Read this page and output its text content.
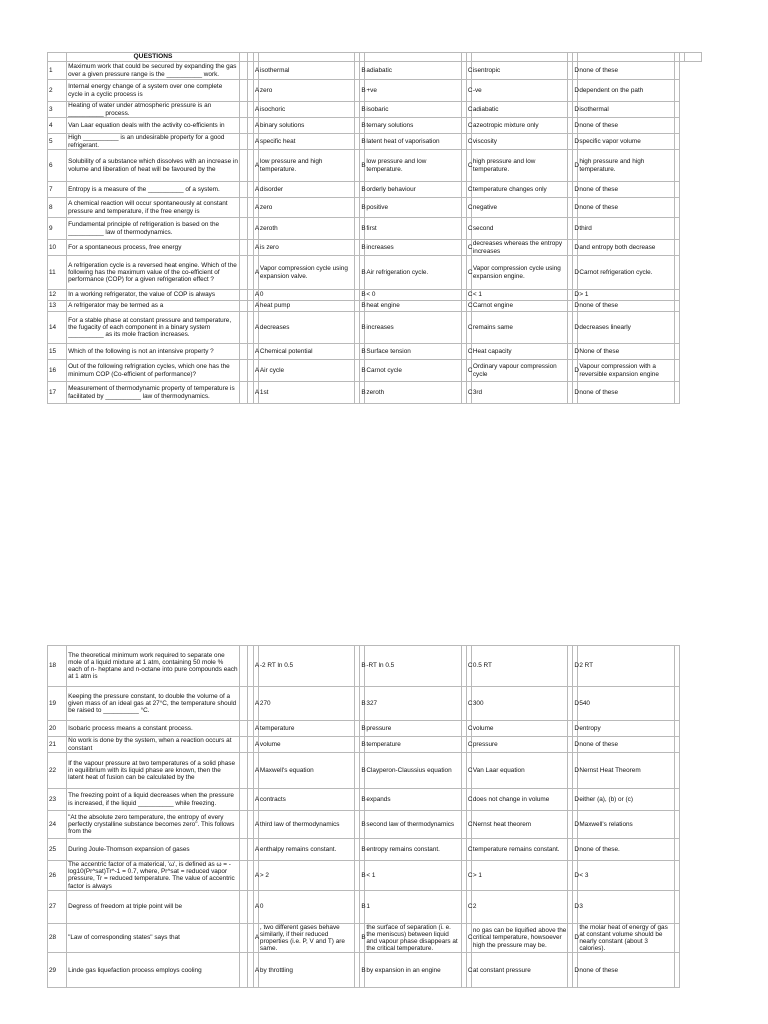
	QUESTIONS																
1	Maximum work that could be secured by expanding the gas over a given pressure range is the __________ work.			A	isothermal		B	adiabatic		C	isentropic		D	none of these			
2	Internal energy change of a system over one complete cycle in a cyclic process is			A	zero		B	+ve		C	-ve		D	dependent on the path			
3	Heating of water under atmospheric pressure is an __________ process.			A	isochoric		B	isobaric		C	adiabatic		D	isothermal			
4	Van Laar equation deals with the activity co-efficients in			A	binary solutions		B	ternary solutions		C	azeotropic mixture only		D	none of these			
5	High __________ is an undesirable property for a good refrigerant.			A	specific heat		B	latent heat of vaporisation		C	viscosity		D	specific vapor volume			
6	Solubility of a substance which dissolves with an increase in volume and liberation of heat will be favoured by the			A	low pressure and high temperature.		B	low pressure and low temperature.		C	high pressure and low temperature.		D	high pressure and high temperature.			
7	Entropy is a measure of the __________ of a system.			A	disorder		B	orderly behaviour		C	temperature changes only		D	none of these			
8	A chemical reaction will occur spontaneously at constant pressure and temperature, if the free energy is			A	zero		B	positive		C	negative		D	none of these			
9	Fundamental principle of refrigeration is based on the __________ law of thermodynamics.			A	zeroth		B	first		C	second		D	third			
10	For a spontaneous process, free energy			A	is zero		B	increases		C	decreases whereas the entropy increases		D	and entropy both decrease			
11	A refrigeration cycle is a reversed heat engine. Which of the following has the maximum value of the co-efficient of performance (COP) for a given refrigeration effect ?			A	Vapor compression cycle using expansion valve.		B	Air refrigeration cycle.		C	Vapor compression cycle using expansion engine.		D	Carnot refrigeration cycle.			
12	In a working refrigerator, the value of COP is always			A	0		B	< 0		C	< 1		D	> 1			
13	A refrigerator may be termed as a			A	heat pump		B	heat engine		C	Carnot engine		D	none of these			
14	For a stable phase at constant pressure and temperature, the fugacity of each component in a binary system __________ as its mole fraction increases.			A	decreases		B	increases		C	remains same		D	decreases linearly			
15	Which of the following is not an intensive property ?			A	Chemical potential		B	Surface tension		C	Heat capacity		D	None of these			
16	Out of the following refrigration cycles, which one has the minimum COP (Co-efficient of performance)?			A	Air cycle		B	Carnot cycle		C	Ordinary vapour compression cycle		D	Vapour compression with a reversible expansion engine			
17	Measurement of thermodynamic property of temperature is facilitated by __________ law of thermodynamics.			A	1st		B	zeroth		C	3rd		D	none of these			
18	The theoretical minimum work required to separate one mole of a liquid mixture at 1 atm, containing 50 mole % each of n- heptane and n-octane into pure compounds each at 1 atm is			A	-2 RT ln 0.5		B	-RT ln 0.5		C	0.5 RT		D	2 RT	
19	Keeping the pressure constant, to double the volume of a given mass of an ideal gas at 27°C, the temperature should be raised to __________ °C.			A	270		B	327		C	300		D	540	
20	Isobaric process means a constant process.			A	temperature		B	pressure		C	volume		D	entropy	
21	No work is done by the system, when a reaction occurs at constant			A	volume		B	temperature		C	pressure		D	none of these	
22	If the vapour pressure at two temperatures of a solid phase in equilibrium with its liquid phase are known, then the latent heat of fusion can be calculated by the			A	Maxwell's equation		B	Clayperon-Claussius equation		C	Van Laar equation		D	Nernst Heat Theorem	
23	The freezing point of a liquid decreases when the pressure is increased, if the liquid __________ while freezing.			A	contracts		B	expands		C	does not change in volume		D	either (a), (b) or (c)	
24	"At the absolute zero temperature, the entropy of every perfectly crystalline substance becomes zero". This follows from the			A	third law of thermodynamics		B	second law of thermodynamics		C	Nernst heat theorem		D	Maxwell's relations	
25	During Joule-Thomson expansion of gases			A	enthalpy remains constant.		B	entropy remains constant.		C	temperature remains constant.		D	none of these.	
26	The accentric factor of a materical, 'ω', is defined as ω = -log10(Pr^sat)Tr^-1 = 0.7, where, Pr^sat = reduced vapor pressure, Tr = reduced temperature. The value of accentric factor is always			A	> 2		B	< 1		C	> 1		D	< 3	
27	Degress of freedom at triple point will be			A	0		B	1		C	2		D	3	
28	"Law of corresponding states" says that			A	, two different gases behave similarly, if their reduced properties (i.e. P, V and T) are same.		B	the surface of separation (i. e. the meniscus) between liquid and vapour phase disappears at the critical temperature.		C	no gas can be liquified above the critical temperature, howsoever high the pressure may be.		D	the molar heat of energy of gas at constant volume should be nearly constant (about 3 calories).	
29	Linde gas liquefaction process employs cooling			A	by throttling		B	by expansion in an engine		C	at constant pressure		D	none of these	
